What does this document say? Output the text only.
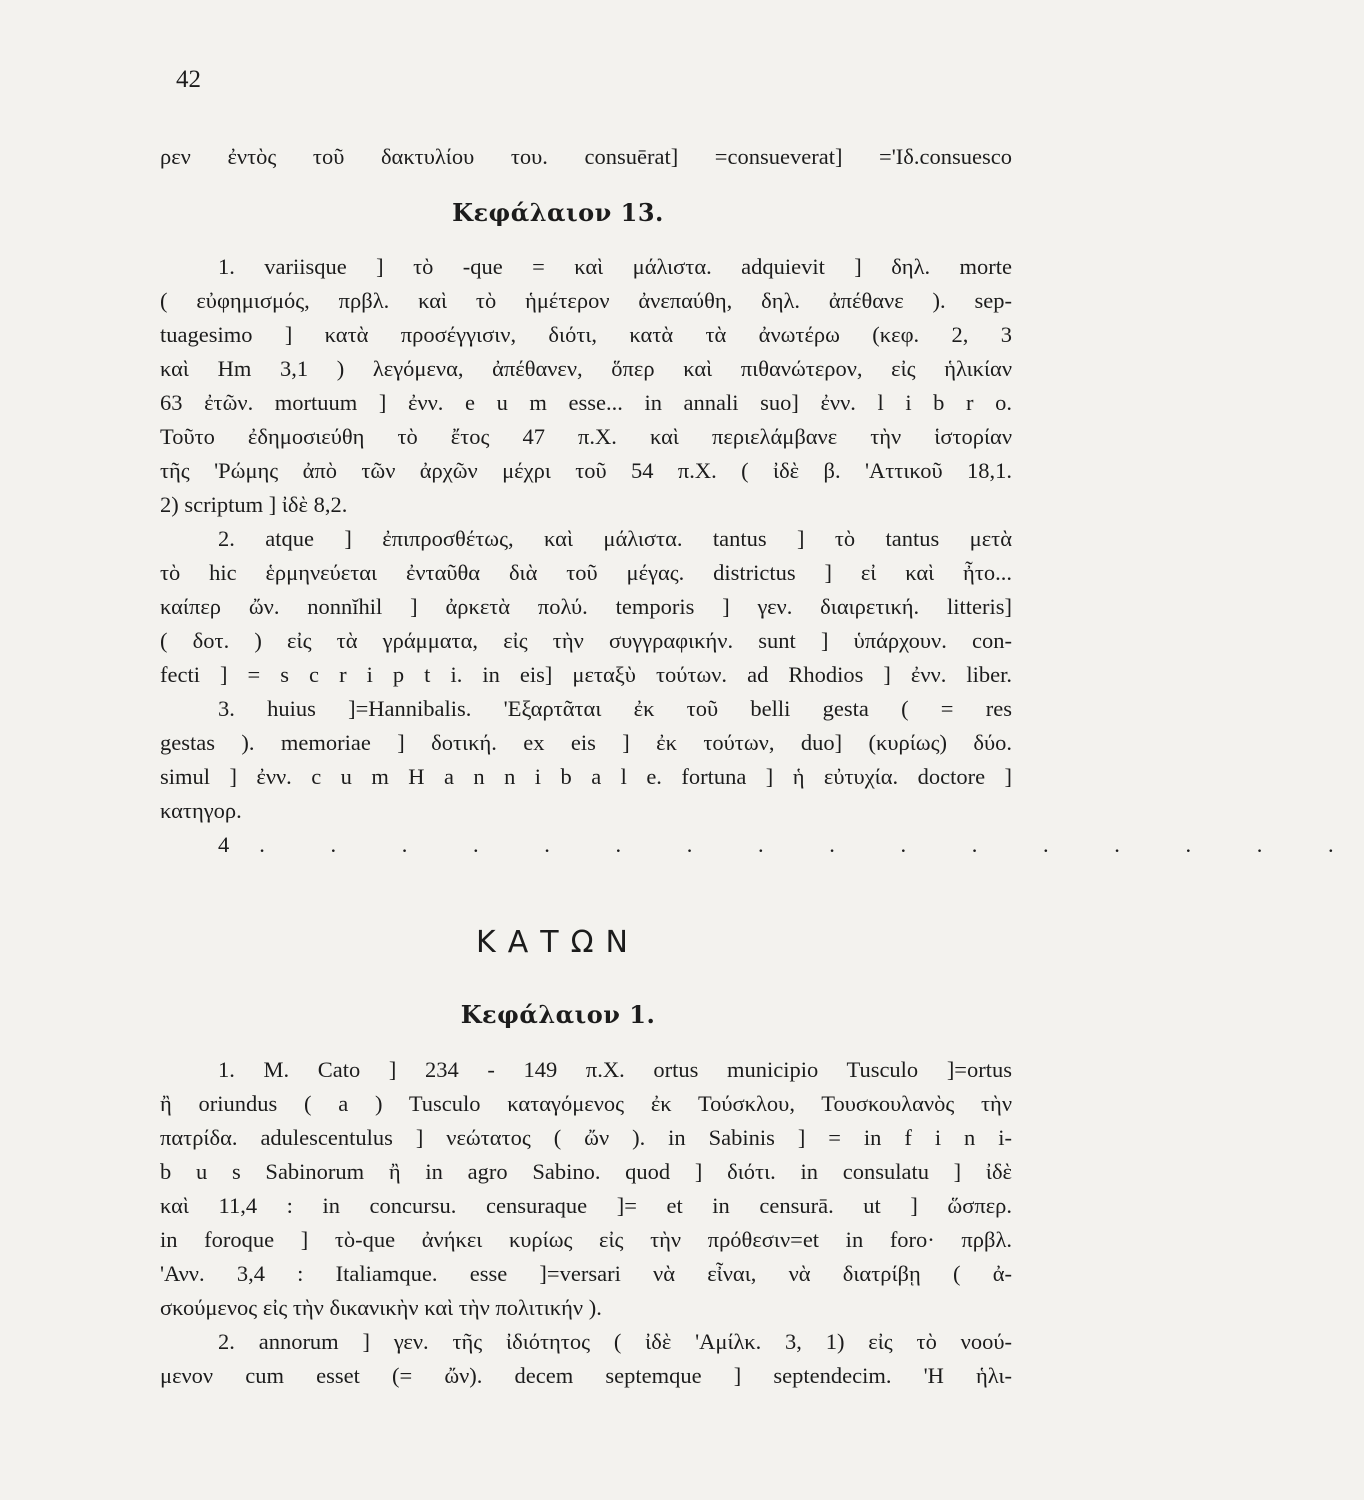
42
ρεν ἐντὸς τοῦ δακτυλίου του. consuērat] =consueverat] ='Ιδ.consuesco
Κεφάλαιον 13.
1. variisque ] τὸ -que = καὶ μάλιστα. adquievit ] δηλ. morte
( εὐφημισμός, πρβλ. καὶ τὸ ἡμέτερον ἀνεπαύθη, δηλ. ἀπέθανε ). sep-
tuagesimo ] κατὰ προσέγγισιν, διότι, κατὰ τὰ ἀνωτέρω (κεφ. 2, 3
καὶ Hm 3,1 ) λεγόμενα, ἀπέθανεν, ὅπερ καὶ πιθανώτερον, εἰς ἡλικίαν
63 ἐτῶν. mortuum ] ἐνν. e u m esse... in annali suo] ἐνν. l i b r o.
Τοῦτο ἐδημοσιεύθη τὸ ἔτος 47 π.Χ. καὶ περιελάμβανε τὴν ἱστορίαν
τῆς 'Ρώμης ἀπὸ τῶν ἀρχῶν μέχρι τοῦ 54 π.Χ. ( ἰδὲ β. 'Αττικοῦ 18,1.
2) scriptum ] ἰδὲ 8,2.
2. atque ] ἐπιπροσθέτως, καὶ μάλιστα. tantus ] τὸ tantus μετὰ
τὸ hic ἑρμηνεύεται ἐνταῦθα διὰ τοῦ μέγας. districtus ] εἰ καὶ ἦτο...
καίπερ ὤν. nonnĭhil ] ἀρκετὰ πολύ. temporis ] γεν. διαιρετική. litteris]
( δοτ. ) εἰς τὰ γράμματα, εἰς τὴν συγγραφικήν. sunt ] ὑπάρχουν. con-
fecti ] = s c r i p t i. in eis] μεταξὺ τούτων. ad Rhodios ] ἐνν. liber.
3. huius ]=Hannibalis. 'Εξαρτᾶται ἐκ τοῦ belli gesta ( = res
gestas ). memoriae ] δοτική. ex eis ] ἐκ τούτων, duo] (κυρίως) δύο.
simul ] ἐνν. c u m H a n n i b a l e. fortuna ] ἡ εὐτυχία. doctore ]
κατηγορ.
4. . . . . . . . . . . . . . . .
ΚΑΤΩΝ
Κεφάλαιον 1.
1. M. Cato ] 234 - 149 π.Χ. ortus municipio Tusculo ]=ortus
ἢ oriundus ( a ) Tusculo καταγόμενος ἐκ Τούσκλου, Τουσκουλανὸς τὴν
πατρίδα. adulescentulus ] νεώτατος ( ὤν ). in Sabinis ] = in f i n i-
b u s Sabinorum ἢ in agro Sabino. quod ] διότι. in consulatu ] ἰδὲ
καὶ 11,4 : in concursu. censuraque ]= et in censurā. ut ] ὥσπερ.
in foroque ] τὸ-que ἀνήκει κυρίως εἰς τὴν πρόθεσιν=et in foro· πρβλ.
'Ανν. 3,4 : Italiamque. esse ]=versari νὰ εἶναι, νὰ διατρίβῃ ( ἀ-
σκούμενος εἰς τὴν δικανικὴν καὶ τὴν πολιτικήν ).
2. annorum ] γεν. τῆς ἰδιότητος ( ἰδὲ 'Αμίλκ. 3, 1) εἰς τὸ νοού-
μενον cum esset (= ὤν). decem septemque ] septendecim. 'Η ἡλι-
